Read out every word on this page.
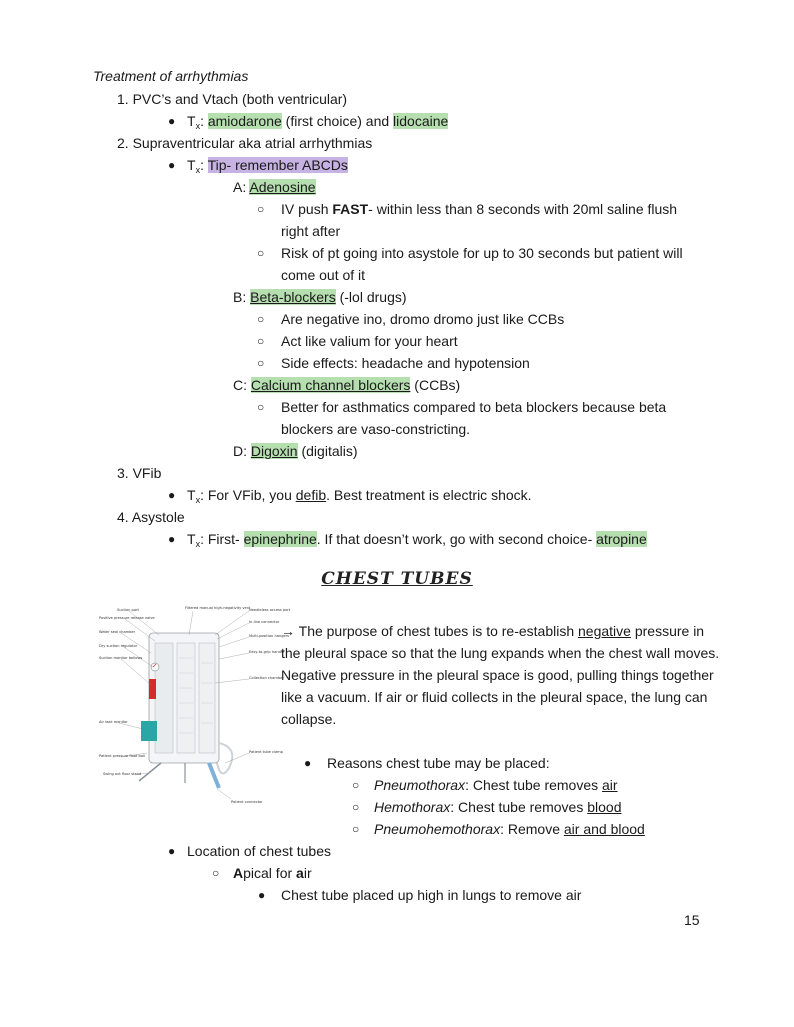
Treatment of arrhythmias
1. PVC’s and Vtach (both ventricular)
● $T_x$: amiodarone (first choice) and lidocaine
2. Supraventricular aka atrial arrhythmias
● $T_x$: Tip- remember ABCDs
A: Adenosine
○ IV push FAST- within less than 8 seconds with 20ml saline flush
right after
○ Risk of pt going into asystole for up to 30 seconds but patient will
come out of it
B: Beta-blockers (-lol drugs)
○ Are negative ino, dromo dromo just like CCBs
○ Act like valium for your heart
○ Side effects: headache and hypotension
C: Calcium channel blockers (CCBs)
○ Better for asthmatics compared to beta blockers because beta
blockers are vaso-constricting.
D: Digoxin (digitalis)
3. VFib
● $T_x$: For VFib, you defib. Best treatment is electric shock.
4. Asystole
● $T_x$: First- epinephrine. If that doesn’t work, go with second choice- atropine
CHEST TUBES
Suction port
Positive pressure release valve
Water seal chamber
Dry suction regulator
Suction monitor bellows
Air leak monitor
Patient pressure float ball
Swing out floor stand
Filtered manual high-negativity vent
Needleless access port
In-line connector
Multi-position hangers
Easy-to-grip handle
Collection chamber
Patient tube clamp
Patient connector
→ The purpose of chest tubes is to re-establish negative pressure in the pleural space so that the lung expands when the chest wall moves. Negative pressure in the pleural space is good, pulling things together like a vacuum. If air or fluid collects in the pleural space, the lung can collapse.
● Reasons chest tube may be placed:
○ Pneumothorax: Chest tube removes air
○ Hemothorax: Chest tube removes blood
○ Pneumohemothorax: Remove air and blood
● Location of chest tubes
○ Apical for air
● Chest tube placed up high in lungs to remove air
15
